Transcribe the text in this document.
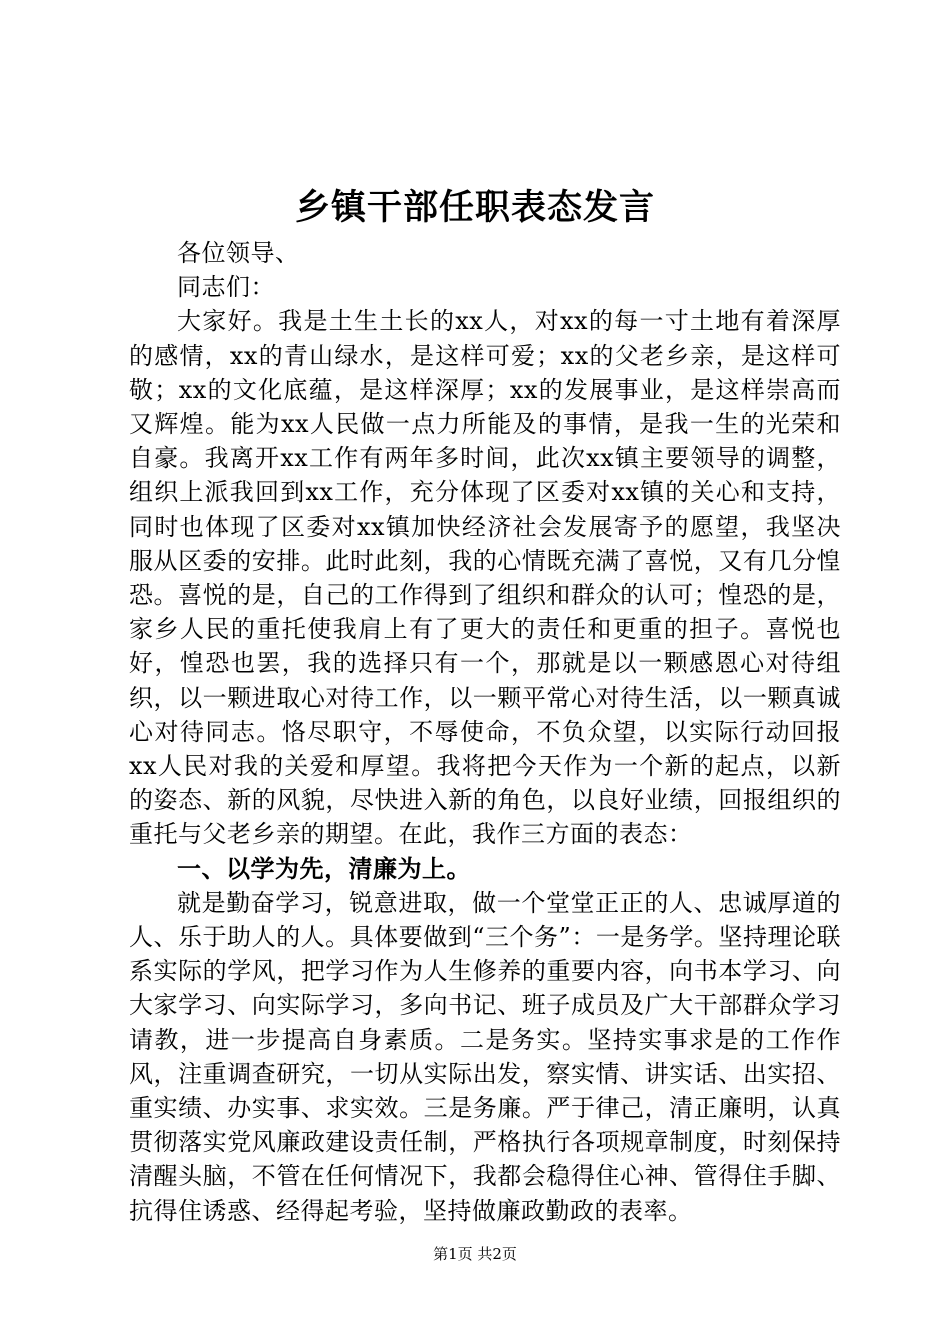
乡镇干部任职表态发言

各位领导、

同志们：

大家好。我是土生土长的xx人，对xx的每一寸土地有着深厚的感情，xx的青山绿水，是这样可爱；xx的父老乡亲，是这样可敬；xx的文化底蕴，是这样深厚；xx的发展事业，是这样崇高而又辉煌。能为xx人民做一点力所能及的事情，是我一生的光荣和自豪。我离开xx工作有两年多时间，此次xx镇主要领导的调整，组织上派我回到xx工作，充分体现了区委对xx镇的关心和支持，同时也体现了区委对xx镇加快经济社会发展寄予的愿望，我坚决服从区委的安排。此时此刻，我的心情既充满了喜悦，又有几分惶恐。喜悦的是，自己的工作得到了组织和群众的认可；惶恐的是，家乡人民的重托使我肩上有了更大的责任和更重的担子。喜悦也好，惶恐也罢，我的选择只有一个，那就是以一颗感恩心对待组织，以一颗进取心对待工作，以一颗平常心对待生活，以一颗真诚心对待同志。恪尽职守，不辱使命，不负众望，以实际行动回报xx人民对我的关爱和厚望。我将把今天作为一个新的起点，以新的姿态、新的风貌，尽快进入新的角色，以良好业绩，回报组织的重托与父老乡亲的期望。在此，我作三方面的表态：

一、以学为先，清廉为上。

就是勤奋学习，锐意进取，做一个堂堂正正的人、忠诚厚道的人、乐于助人的人。具体要做到“三个务”：一是务学。坚持理论联系实际的学风，把学习作为人生修养的重要内容，向书本学习、向大家学习、向实际学习，多向书记、班子成员及广大干部群众学习请教，进一步提高自身素质。二是务实。坚持实事求是的工作作风，注重调查研究，一切从实际出发，察实情、讲实话、出实招、重实绩、办实事、求实效。三是务廉。严于律己，清正廉明，认真贯彻落实党风廉政建设责任制，严格执行各项规章制度，时刻保持清醒头脑，不管在任何情况下，我都会稳得住心神、管得住手脚、抗得住诱惑、经得起考验，坚持做廉政勤政的表率。

第1页 共2页
